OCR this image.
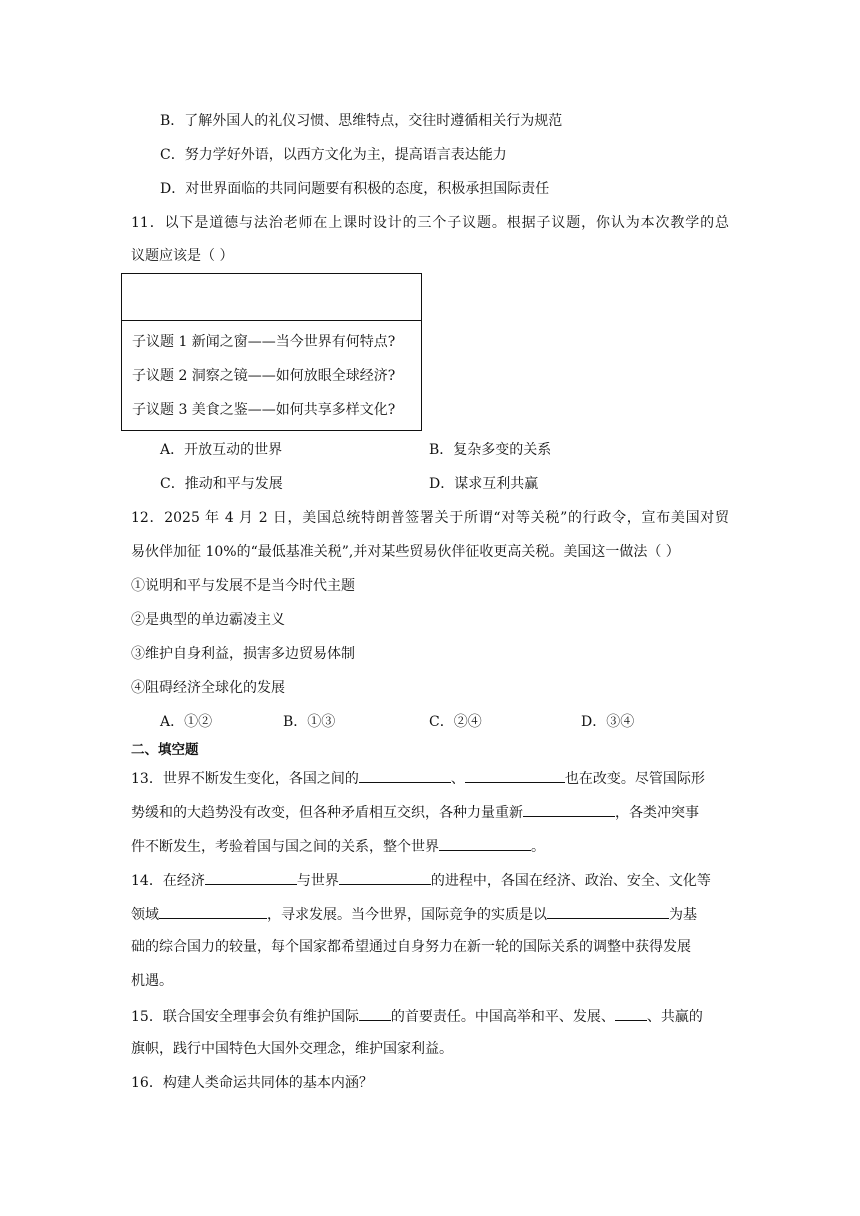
B．了解外国人的礼仪习惯、思维特点，交往时遵循相关行为规范
C．努力学好外语，以西方文化为主，提高语言表达能力
D．对世界面临的共同问题要有积极的态度，积极承担国际责任
11．以下是道德与法治老师在上课时设计的三个子议题。根据子议题，你认为本次教学的总
议题应该是（ ）
子议题 1 新闻之窗——当今世界有何特点?
子议题 2 洞察之镜——如何放眼全球经济?
子议题 3 美食之鉴——如何共享多样文化?
A．开放互动的世界	B．复杂多变的关系
C．推动和平与发展	D．谋求互利共赢
12．2025 年 4 月 2 日，美国总统特朗普签署关于所谓“对等关税”的行政令，宣布美国对贸
易伙伴加征 10%的“最低基准关税”,并对某些贸易伙伴征收更高关税。美国这一做法（ ）
①说明和平与发展不是当今时代主题
②是典型的单边霸凌主义
③维护自身利益，损害多边贸易体制
④阻碍经济全球化的发展
A．①②	B．①③	C．②④	D．③④
二、填空题
13．世界不断发生变化，各国之间的	、	也在改变。尽管国际形
势缓和的大趋势没有改变，但各种矛盾相互交织，各种力量重新	，各类冲突事
件不断发生，考验着国与国之间的关系，整个世界	。
14．在经济	与世界	的进程中，各国在经济、政治、安全、文化等
领域	，寻求发展。当今世界，国际竞争的实质是以	为基
础的综合国力的较量，每个国家都希望通过自身努力在新一轮的国际关系的调整中获得发展
机遇。
15．联合国安全理事会负有维护国际 的首要责任。中国高举和平、发展、 、共赢的
旗帜，践行中国特色大国外交理念，维护国家利益。
16．构建人类命运共同体的基本内涵？
